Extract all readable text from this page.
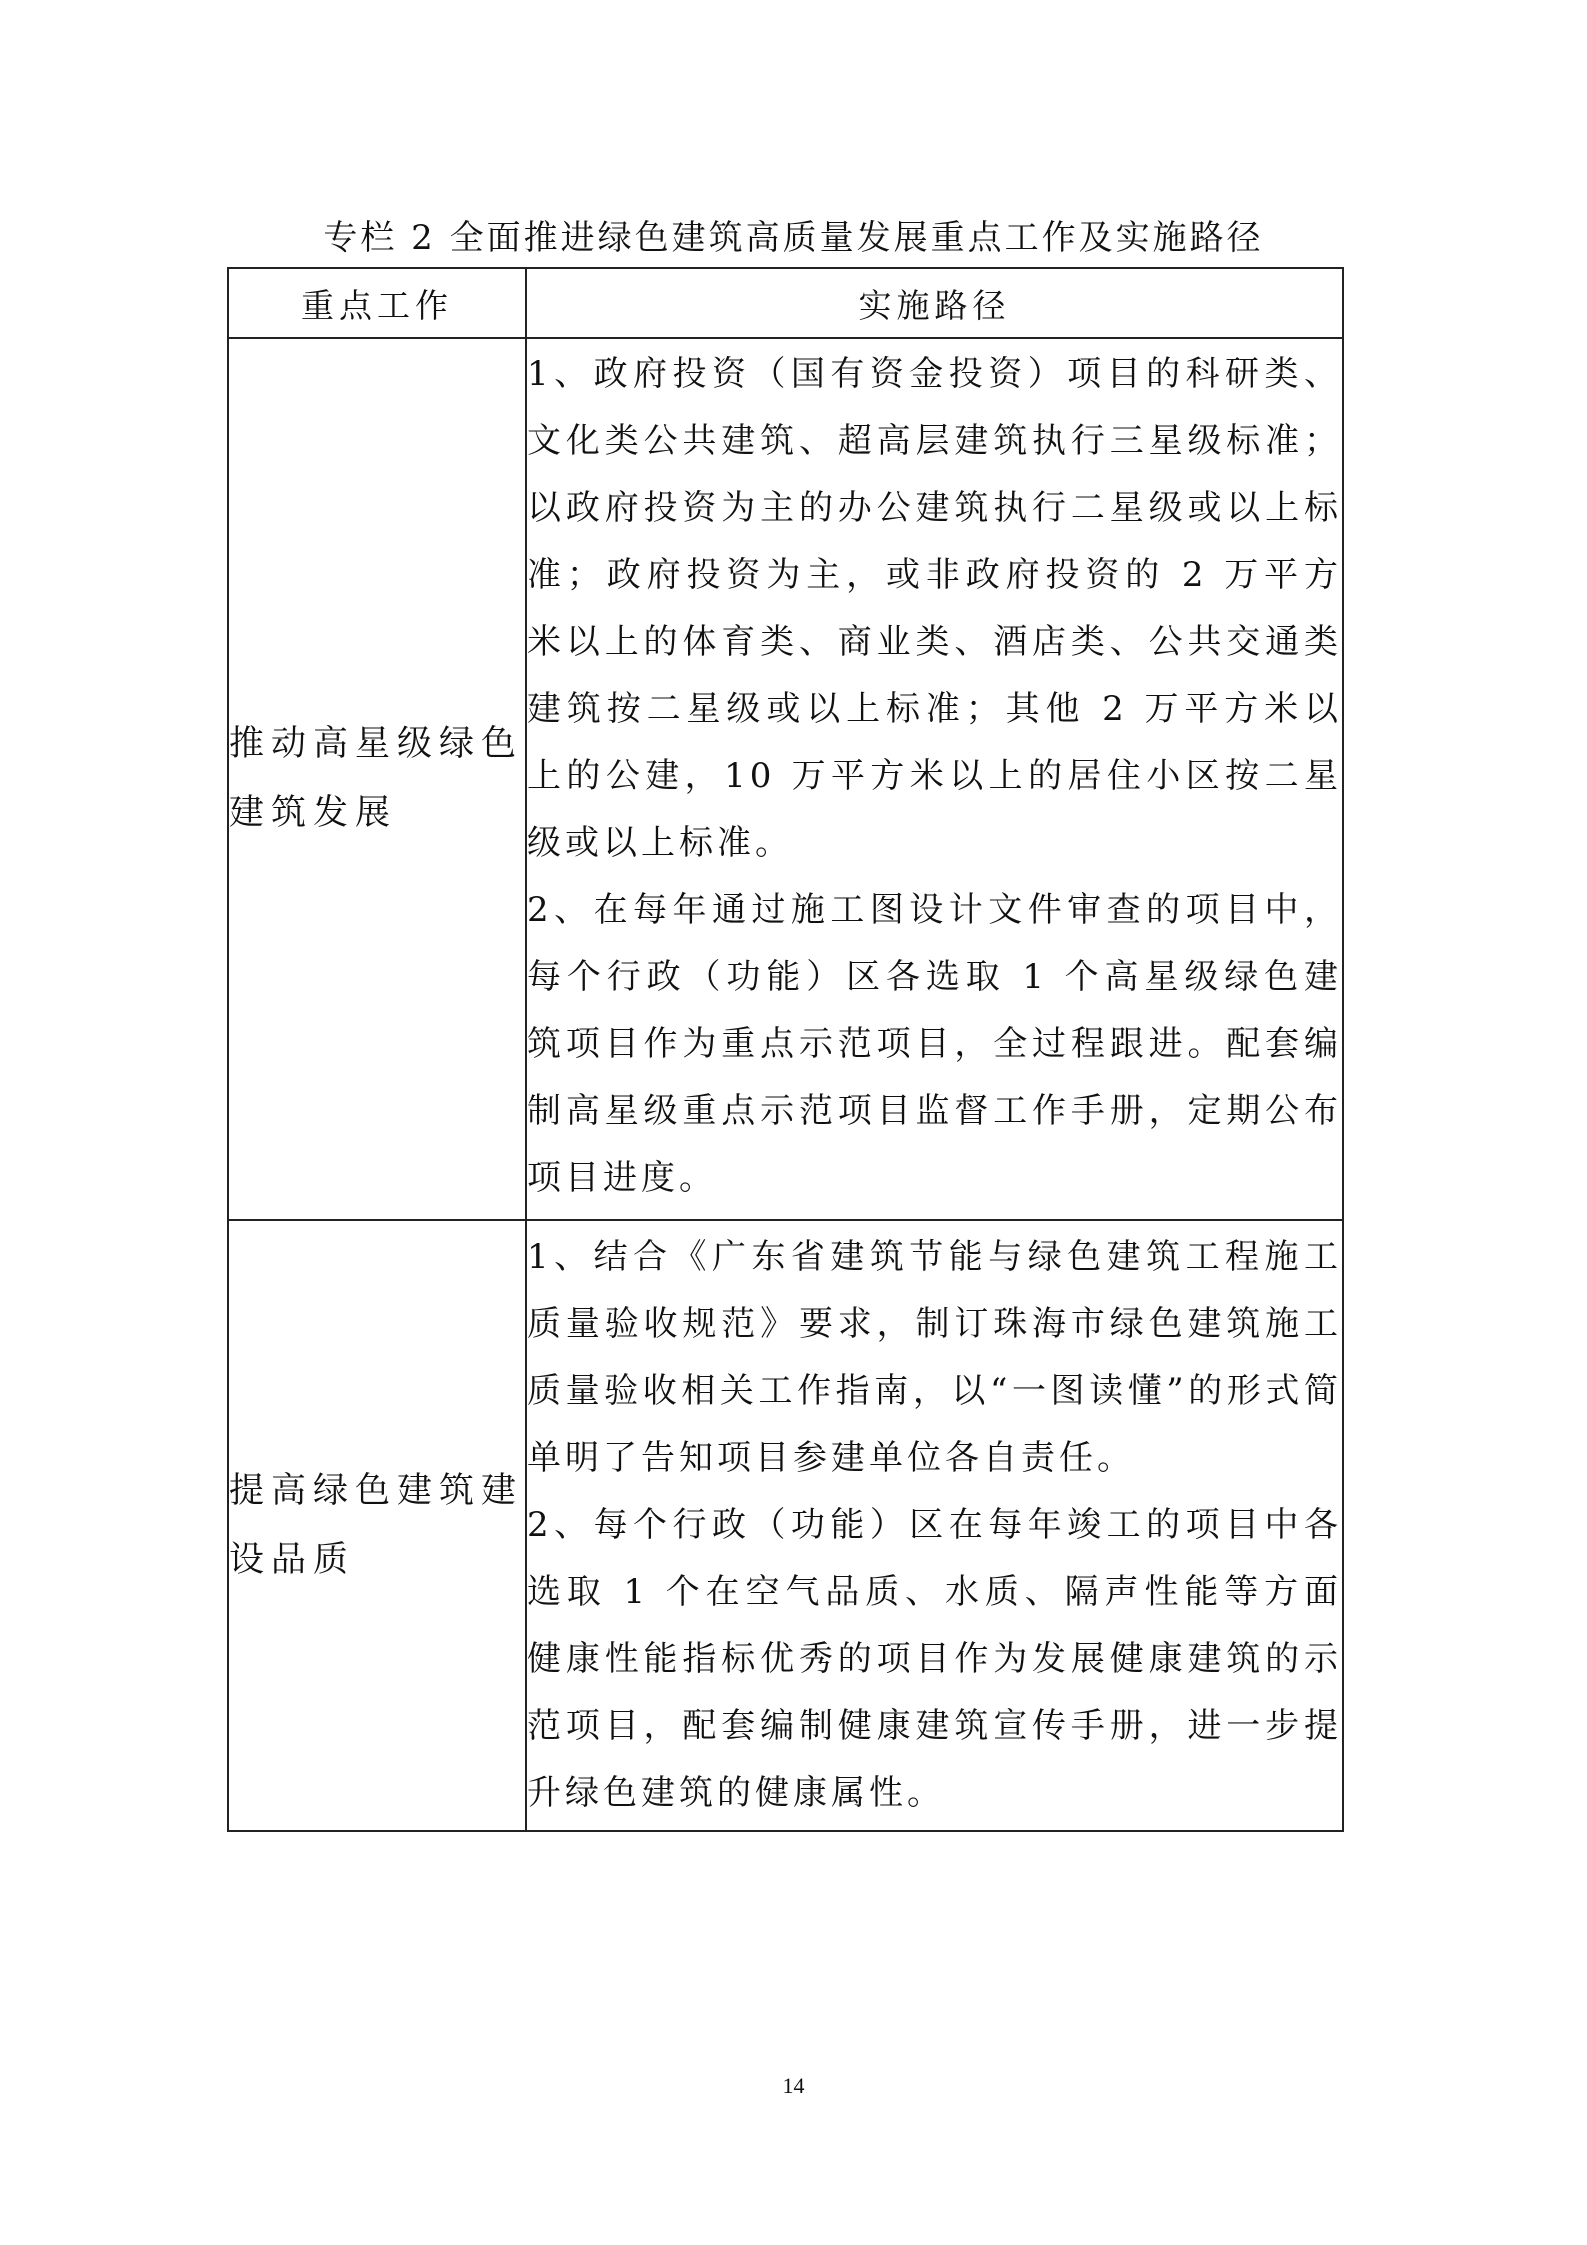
专栏 2 全面推进绿色建筑高质量发展重点工作及实施路径
重点工作	实施路径
推动高星级绿色建筑发展	1、政府投资（国有资金投资）项目的科研类、文化类公共建筑、超高层建筑执行三星级标准；以政府投资为主的办公建筑执行二星级或以上标准；政府投资为主，或非政府投资的 2 万平方米以上的体育类、商业类、酒店类、公共交通类建筑按二星级或以上标准；其他 2 万平方米以上的公建，10 万平方米以上的居住小区按二星级或以上标准。

2、在每年通过施工图设计文件审查的项目中，每个行政（功能）区各选取 1 个高星级绿色建筑项目作为重点示范项目，全过程跟进。配套编制高星级重点示范项目监督工作手册，定期公布项目进度。

提高绿色建筑建设品质	1、结合《广东省建筑节能与绿色建筑工程施工质量验收规范》要求，制订珠海市绿色建筑施工质量验收相关工作指南，以“一图读懂”的形式简单明了告知项目参建单位各自责任。

2、每个行政（功能）区在每年竣工的项目中各选取 1 个在空气品质、水质、隔声性能等方面健康性能指标优秀的项目作为发展健康建筑的示范项目，配套编制健康建筑宣传手册，进一步提升绿色建筑的健康属性。

14
